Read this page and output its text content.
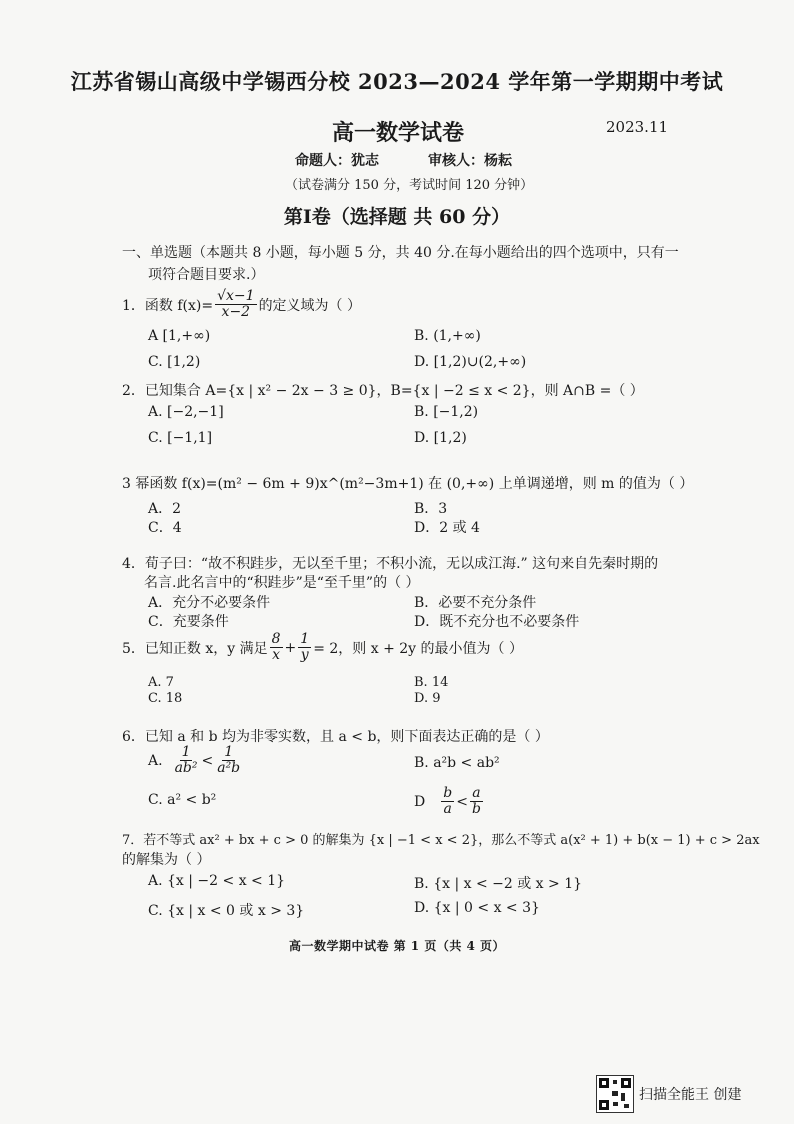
江苏省锡山高级中学锡西分校 2023—2024 学年第一学期期中考试
高一数学试卷	2023.11
命题人：犹志	审核人：杨耘
（试卷满分 150 分，考试时间 120 分钟）
第Ⅰ卷（选择题 共 60 分）
一、单选题（本题共 8 小题，每小题 5 分，共 40 分.在每小题给出的四个选项中，只有一
项符合题目要求.）
1．函数 $f(x)= \frac{√x-1}{x-2}$ 的定义域为（ ）
A [1,+∞)	B. (1,+∞)
C. [1,2)	D. [1,2)∪(2,+∞)
2．已知集合 A={x | x² − 2x − 3 ≥ 0}，B={x | −2 ≤ x < 2}，则 A∩B =（ ）
A. [−2,−1]	B. [−1,2)
C. [−1,1]	D. [1,2)
3 幂函数 f(x)=(m² − 6m + 9)x^(m²−3m+1) 在 (0,+∞) 上单调递增，则 m 的值为（ ）
A．2	B．3
C．4	D．2 或 4
4．荀子曰：“故不积跬步，无以至千里；不积小流，无以成江海.” 这句来自先秦时期的
名言.此名言中的“积跬步”是“至千里”的（ ）
A．充分不必要条件	B．必要不充分条件
C．充要条件	D．既不充分也不必要条件
5．已知正数 x，y 满足 $\frac{8}{x} + \frac{1}{y} = 2$，则 x + 2y 的最小值为（ ）
A. 7	B. 14
C. 18	D. 9
6．已知 a 和 b 均为非零实数，且 a < b，则下面表达正确的是（ ）
A. $\frac{1}{\text{ab²}} < \frac{1}{\text{a²b}}$	B. a²b < ab²
C. a² < b²	D $\frac{b}{a} < \frac{a}{b}$
7．若不等式 ax² + bx + c > 0 的解集为 {x | −1 < x < 2}，那么不等式 a(x² + 1) + b(x − 1) + c > 2ax
的解集为（ ）
A. {x | −2 < x < 1}	B. {x | x < −2 或 x > 1}
C. {x | x < 0 或 x > 3}	D. {x | 0 < x < 3}
高一数学期中试卷 第 1 页（共 4 页）
扫描全能王 创建
